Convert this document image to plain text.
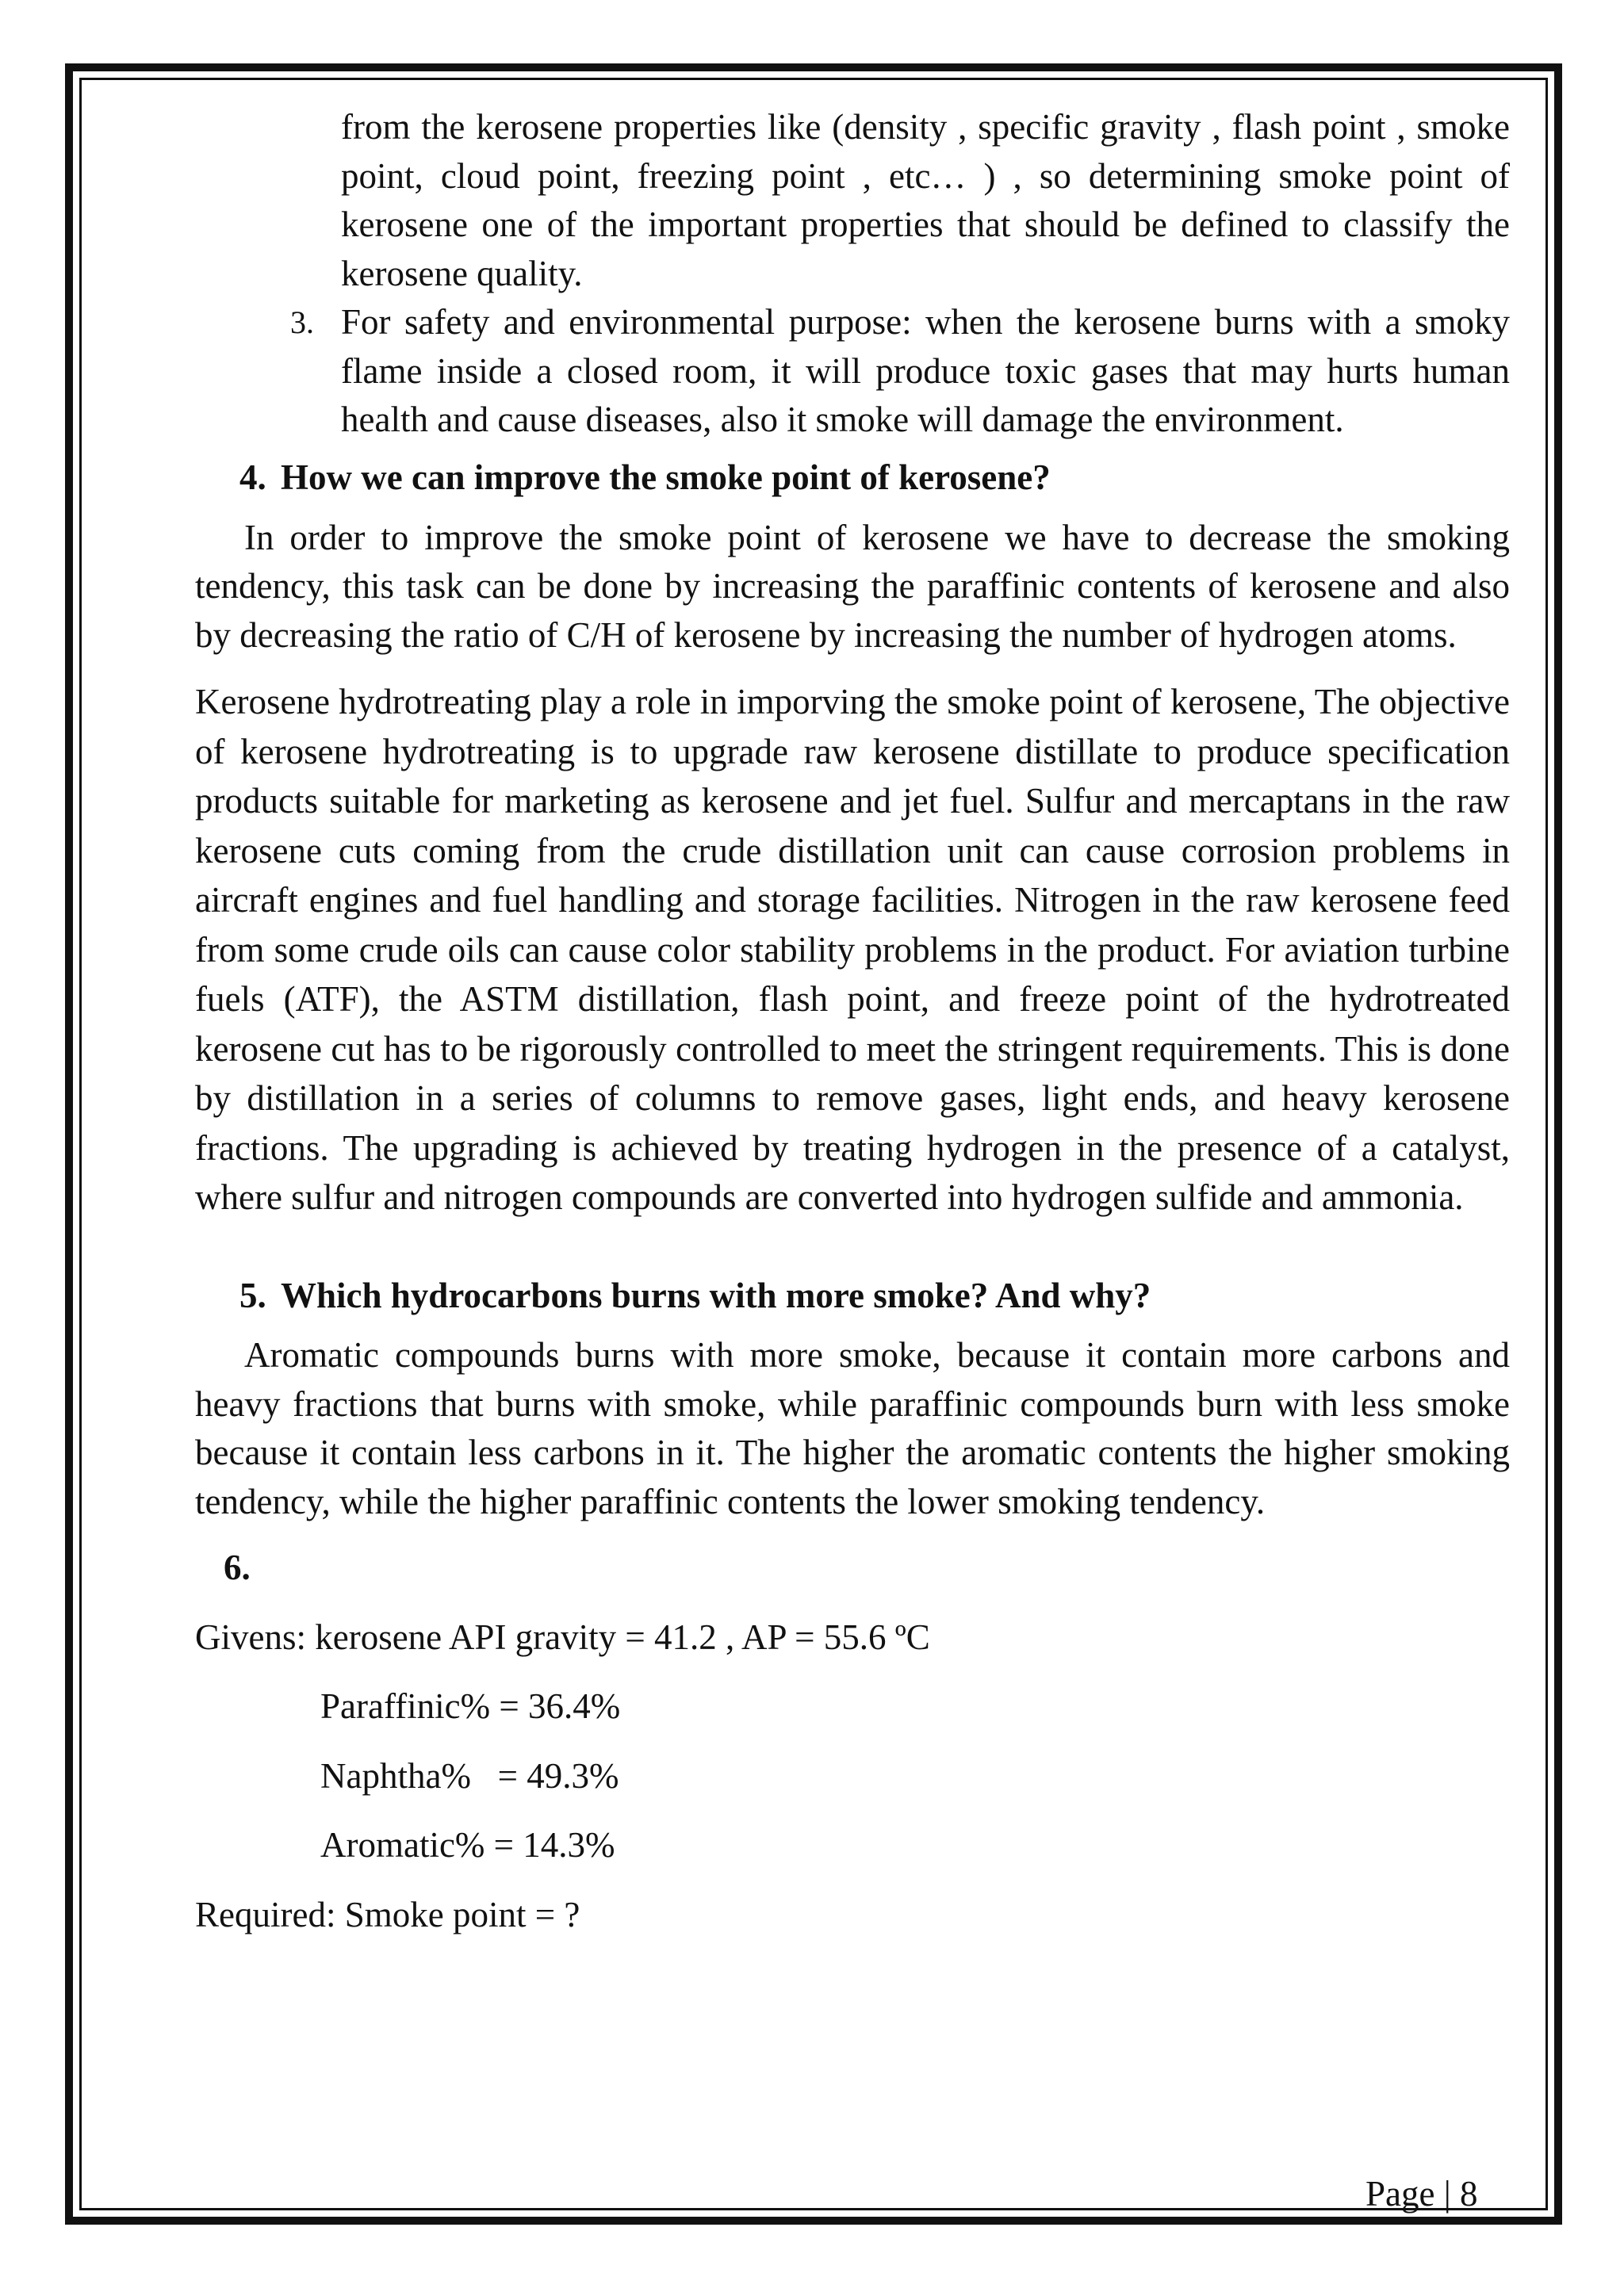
from the kerosene properties like (density , specific gravity , flash point , smoke point, cloud point, freezing point , etc… ) , so determining smoke point of kerosene one of the important properties that should be defined to classify the kerosene quality.

3. For safety and environmental purpose: when the kerosene burns with a smoky flame inside a closed room, it will produce toxic gases that may hurts human health and cause diseases, also it smoke will damage the environment.

4. How we can improve the smoke point of kerosene?

In order to improve the smoke point of kerosene we have to decrease the smoking tendency, this task can be done by increasing the paraffinic contents of kerosene and also by decreasing the ratio of C/H of kerosene by increasing the number of hydrogen atoms.

Kerosene hydrotreating play a role in imporving the smoke point of kerosene, The objective of kerosene hydrotreating is to upgrade raw kerosene distillate to produce specification products suitable for marketing as kerosene and jet fuel. Sulfur and mercaptans in the raw kerosene cuts coming from the crude distillation unit can cause corrosion problems in aircraft engines and fuel handling and storage facilities. Nitrogen in the raw kerosene feed from some crude oils can cause color stability problems in the product. For aviation turbine fuels (ATF), the ASTM distillation, flash point, and freeze point of the hydrotreated kerosene cut has to be rigorously controlled to meet the stringent requirements. This is done by distillation in a series of columns to remove gases, light ends, and heavy kerosene fractions. The upgrading is achieved by treating hydrogen in the presence of a catalyst, where sulfur and nitrogen compounds are converted into hydrogen sulfide and ammonia.

5. Which hydrocarbons burns with more smoke? And why?

Aromatic compounds burns with more smoke, because it contain more carbons and heavy fractions that burns with smoke, while paraffinic compounds burn with less smoke because it contain less carbons in it. The higher the aromatic contents the higher smoking tendency, while the higher paraffinic contents the lower smoking tendency.

6.

Givens: kerosene API gravity = 41.2 , AP = 55.6 ºC

Paraffinic% = 36.4%

Naphtha%   = 49.3%

Aromatic% = 14.3%

Required: Smoke point = ?

Page | 8
